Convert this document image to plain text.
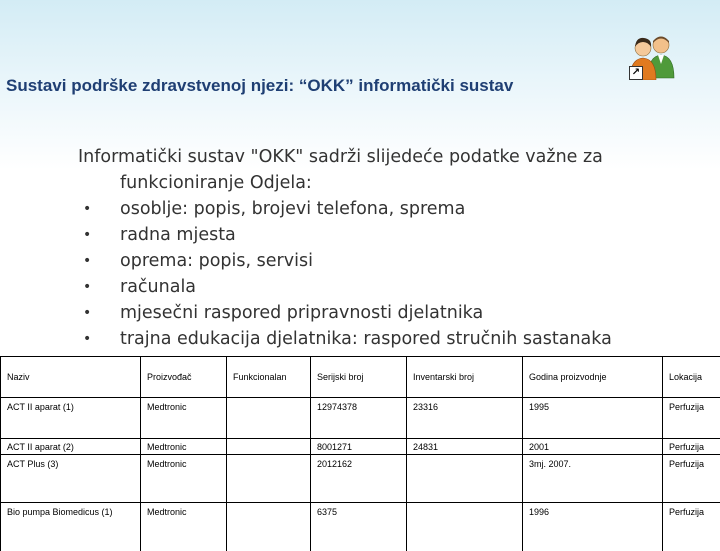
Sustavi podrške zdravstvenoj njezi: “OKK” informatički sustav
↗
Informatički sustav "OKK" sadrži slijedeće podatke važne za
funkcioniranje Odjela:
• osoblje: popis, brojevi telefona, sprema
• radna mjesta
• oprema: popis, servisi
• računala
• mjesečni raspored pripravnosti djelatnika
• trajna edukacija djelatnika: raspored stručnih sastanaka
Naziv	Proizvođač	Funkcionalan	Serijski broj	Inventarski broj	Godina proizvodnje	Lokacija
ACT II aparat (1)	Medtronic		12974378	23316	1995	Perfuzija
ACT II aparat (2)	Medtronic		8001271	24831	2001	Perfuzija
ACT Plus (3)	Medtronic		2012162		3mj. 2007.	Perfuzija
Bio pumpa Biomedicus (1)	Medtronic		6375		1996	Perfuzija
